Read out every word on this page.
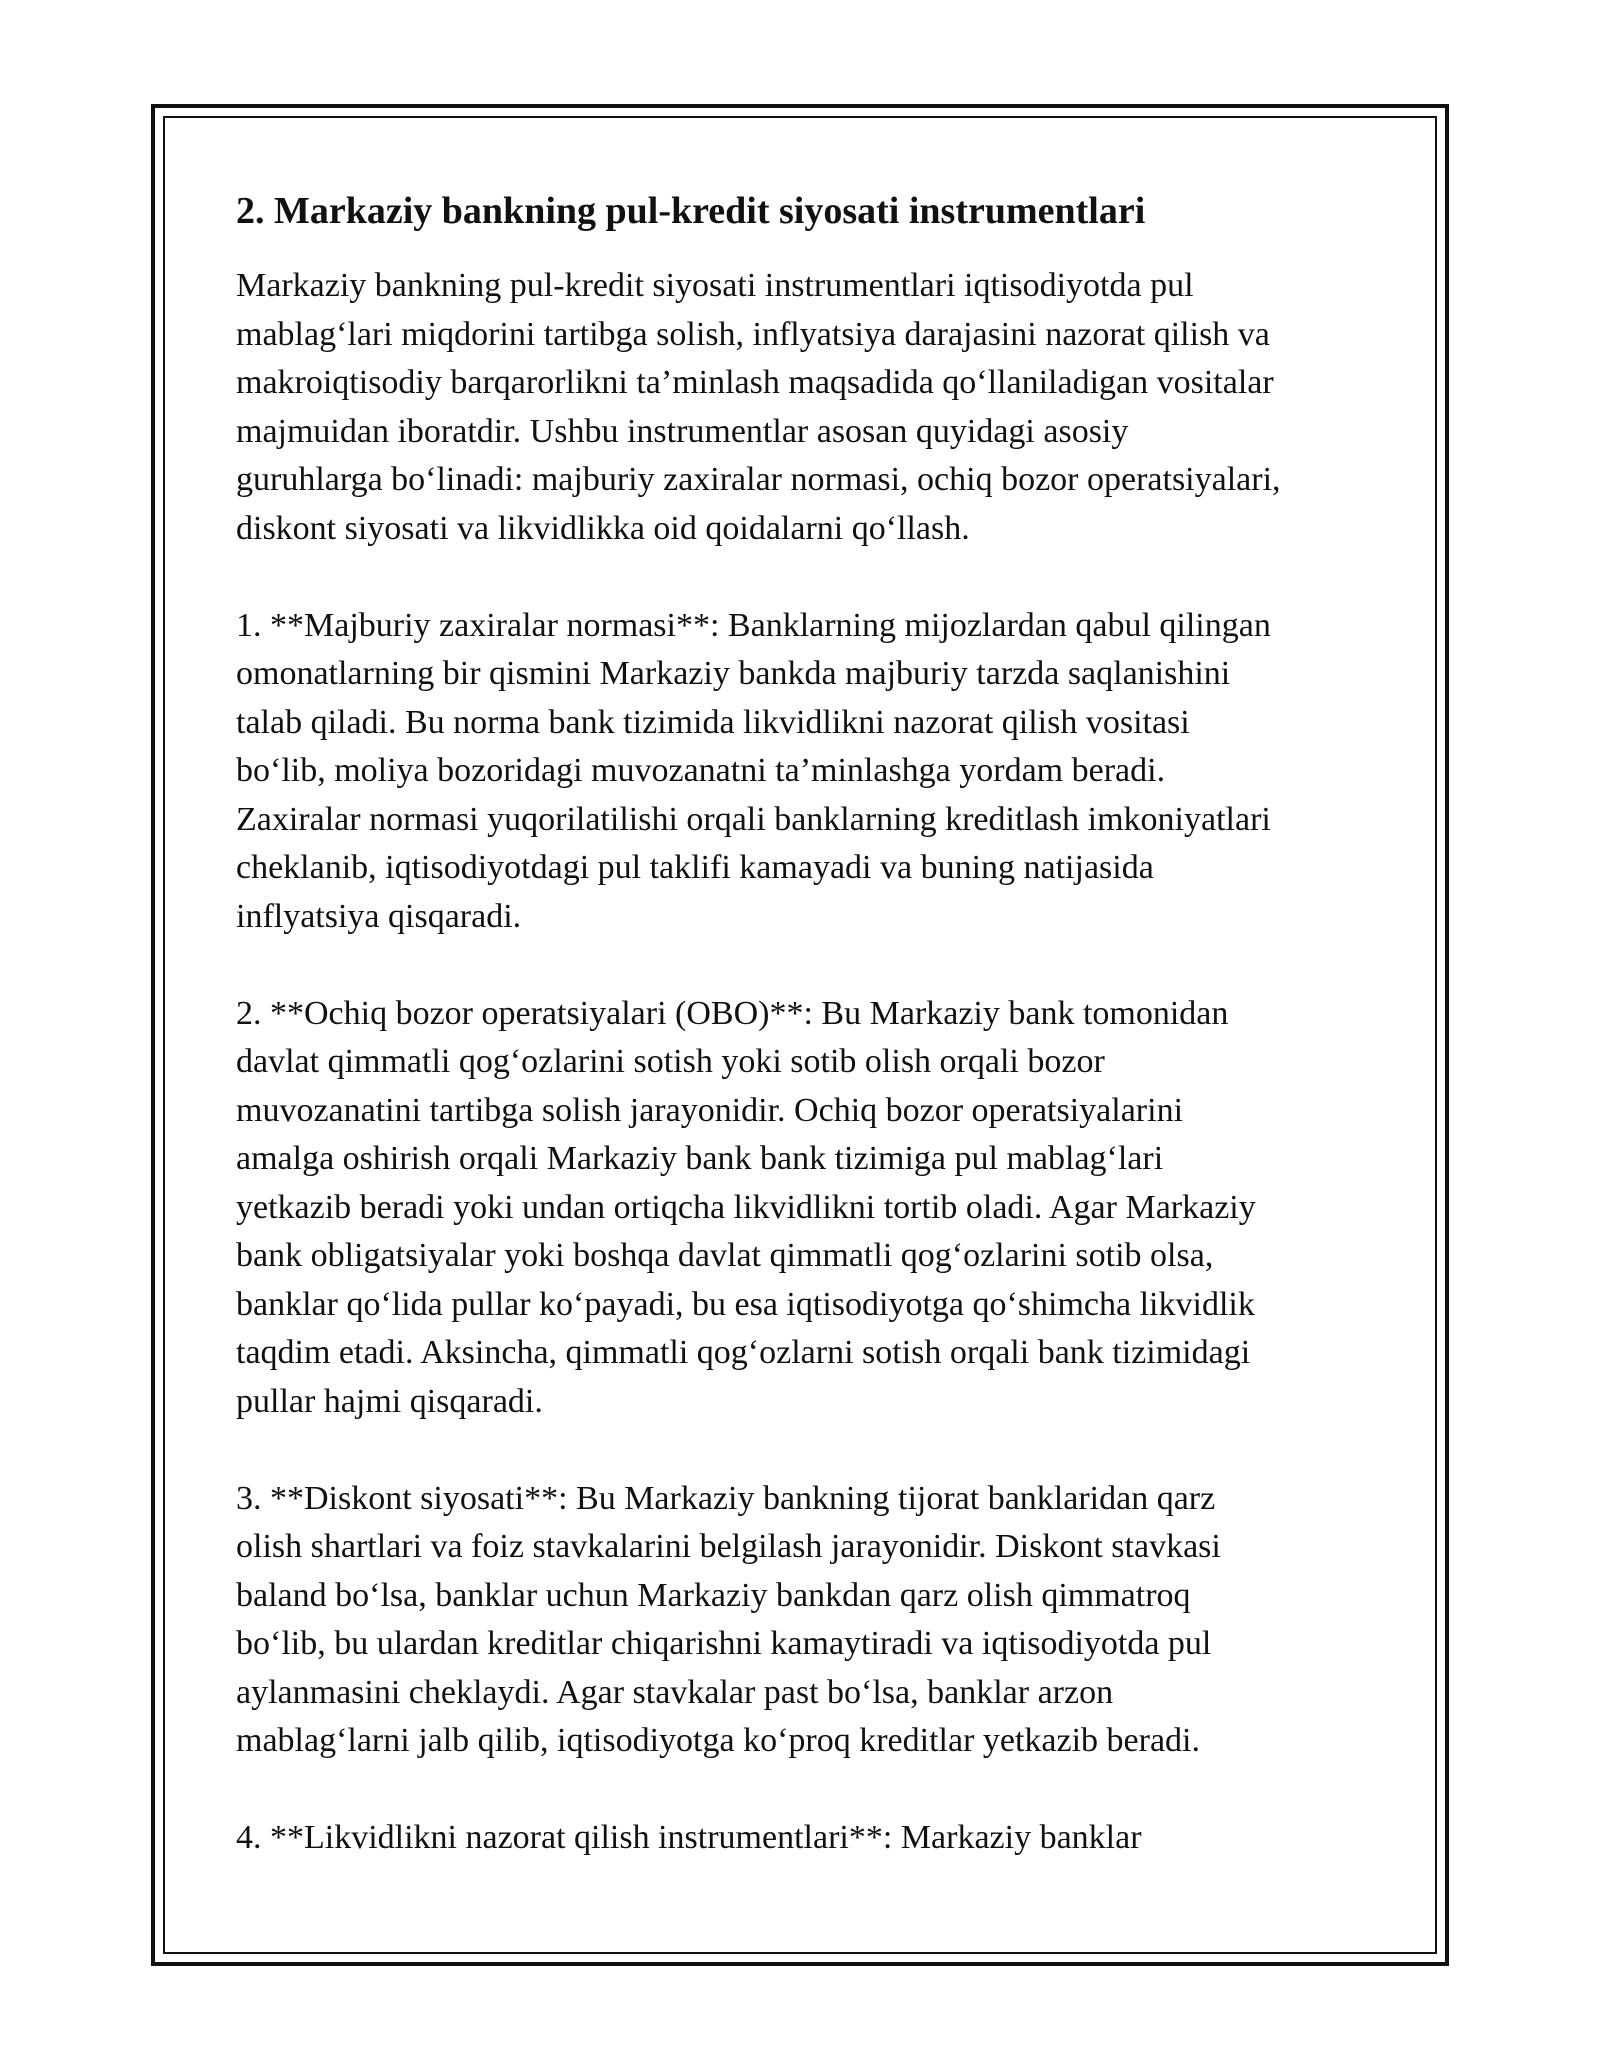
2. Markaziy bankning pul-kredit siyosati instrumentlari

Markaziy bankning pul-kredit siyosati instrumentlari iqtisodiyotda pul
mablag‘lari miqdorini tartibga solish, inflyatsiya darajasini nazorat qilish va
makroiqtisodiy barqarorlikni ta’minlash maqsadida qo‘llaniladigan vositalar
majmuidan iboratdir. Ushbu instrumentlar asosan quyidagi asosiy
guruhlarga bo‘linadi: majburiy zaxiralar normasi, ochiq bozor operatsiyalari,
diskont siyosati va likvidlikka oid qoidalarni qo‘llash.

1. **Majburiy zaxiralar normasi**: Banklarning mijozlardan qabul qilingan
omonatlarning bir qismini Markaziy bankda majburiy tarzda saqlanishini
talab qiladi. Bu norma bank tizimida likvidlikni nazorat qilish vositasi
bo‘lib, moliya bozoridagi muvozanatni ta’minlashga yordam beradi.
Zaxiralar normasi yuqorilatilishi orqali banklarning kreditlash imkoniyatlari
cheklanib, iqtisodiyotdagi pul taklifi kamayadi va buning natijasida
inflyatsiya qisqaradi.

2. **Ochiq bozor operatsiyalari (OBO)**: Bu Markaziy bank tomonidan
davlat qimmatli qog‘ozlarini sotish yoki sotib olish orqali bozor
muvozanatini tartibga solish jarayonidir. Ochiq bozor operatsiyalarini
amalga oshirish orqali Markaziy bank bank tizimiga pul mablag‘lari
yetkazib beradi yoki undan ortiqcha likvidlikni tortib oladi. Agar Markaziy
bank obligatsiyalar yoki boshqa davlat qimmatli qog‘ozlarini sotib olsa,
banklar qo‘lida pullar ko‘payadi, bu esa iqtisodiyotga qo‘shimcha likvidlik
taqdim etadi. Aksincha, qimmatli qog‘ozlarni sotish orqali bank tizimidagi
pullar hajmi qisqaradi.

3. **Diskont siyosati**: Bu Markaziy bankning tijorat banklaridan qarz
olish shartlari va foiz stavkalarini belgilash jarayonidir. Diskont stavkasi
baland bo‘lsa, banklar uchun Markaziy bankdan qarz olish qimmatroq
bo‘lib, bu ulardan kreditlar chiqarishni kamaytiradi va iqtisodiyotda pul
aylanmasini cheklaydi. Agar stavkalar past bo‘lsa, banklar arzon
mablag‘larni jalb qilib, iqtisodiyotga ko‘proq kreditlar yetkazib beradi.

4. **Likvidlikni nazorat qilish instrumentlari**: Markaziy banklar
